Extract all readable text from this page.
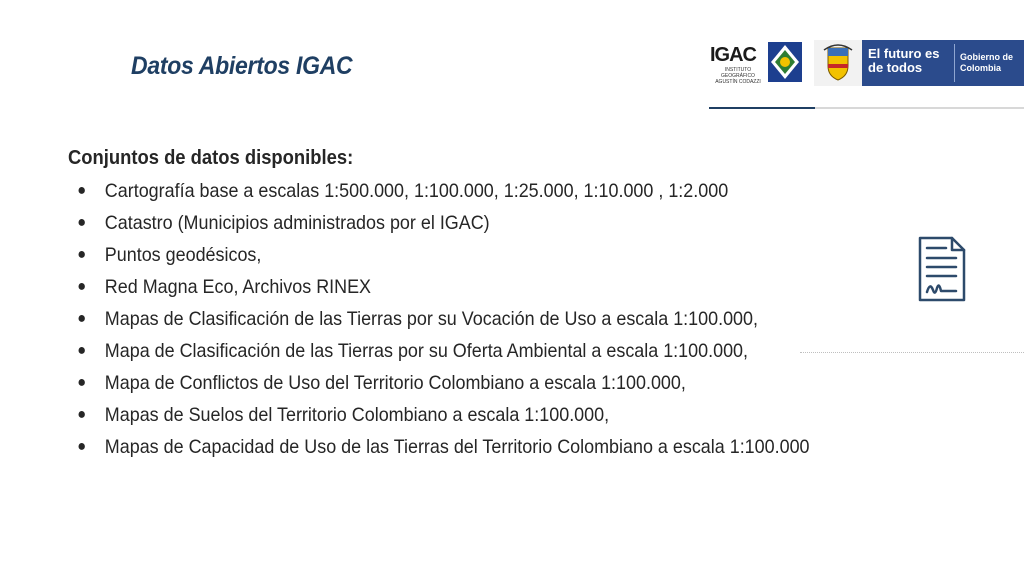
Datos Abiertos IGAC	IGAC
INSTITUTO GEOGRÁFICO AGUSTÍN CODAZZI
El futuro es de todos
Gobierno de Colombia
Conjuntos de datos disponibles:
● Cartografía base a escalas 1:500.000, 1:100.000, 1:25.000, 1:10.000 , 1:2.000
● Catastro (Municipios administrados por el IGAC)
● Puntos geodésicos,
● Red Magna Eco, Archivos RINEX
● Mapas de Clasificación de las Tierras por su Vocación de Uso a escala 1:100.000,
● Mapa de Clasificación de las Tierras por su Oferta Ambiental a escala 1:100.000,
● Mapa de Conflictos de Uso del Territorio Colombiano a escala 1:100.000,
● Mapas de Suelos del Territorio Colombiano a escala 1:100.000,
● Mapas de Capacidad de Uso de las Tierras del Territorio Colombiano a escala 1:100.000
